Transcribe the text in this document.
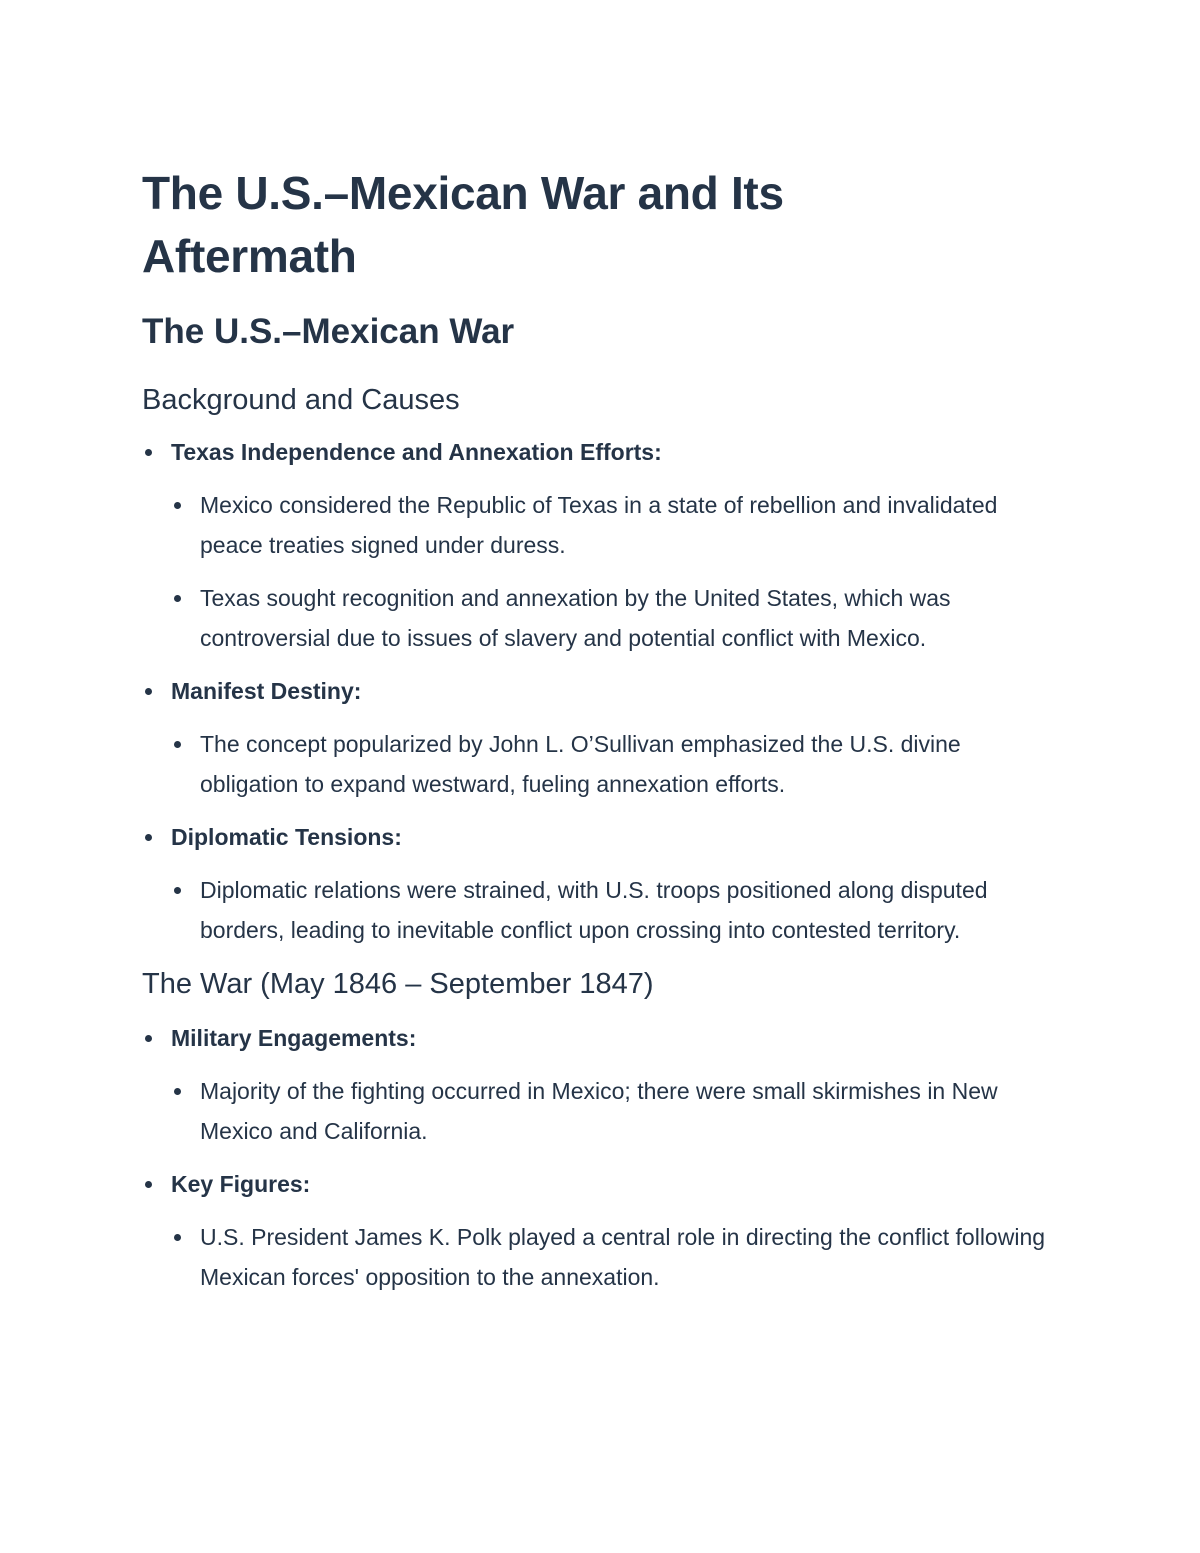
The U.S.–Mexican War and Its Aftermath
The U.S.–Mexican War
Background and Causes
Texas Independence and Annexation Efforts:
Mexico considered the Republic of Texas in a state of rebellion and invalidated peace treaties signed under duress.
Texas sought recognition and annexation by the United States, which was controversial due to issues of slavery and potential conflict with Mexico.
Manifest Destiny:
The concept popularized by John L. O’Sullivan emphasized the U.S. divine obligation to expand westward, fueling annexation efforts.
Diplomatic Tensions:
Diplomatic relations were strained, with U.S. troops positioned along disputed borders, leading to inevitable conflict upon crossing into contested territory.
The War (May 1846 – September 1847)
Military Engagements:
Majority of the fighting occurred in Mexico; there were small skirmishes in New Mexico and California.
Key Figures:
U.S. President James K. Polk played a central role in directing the conflict following Mexican forces' opposition to the annexation.
